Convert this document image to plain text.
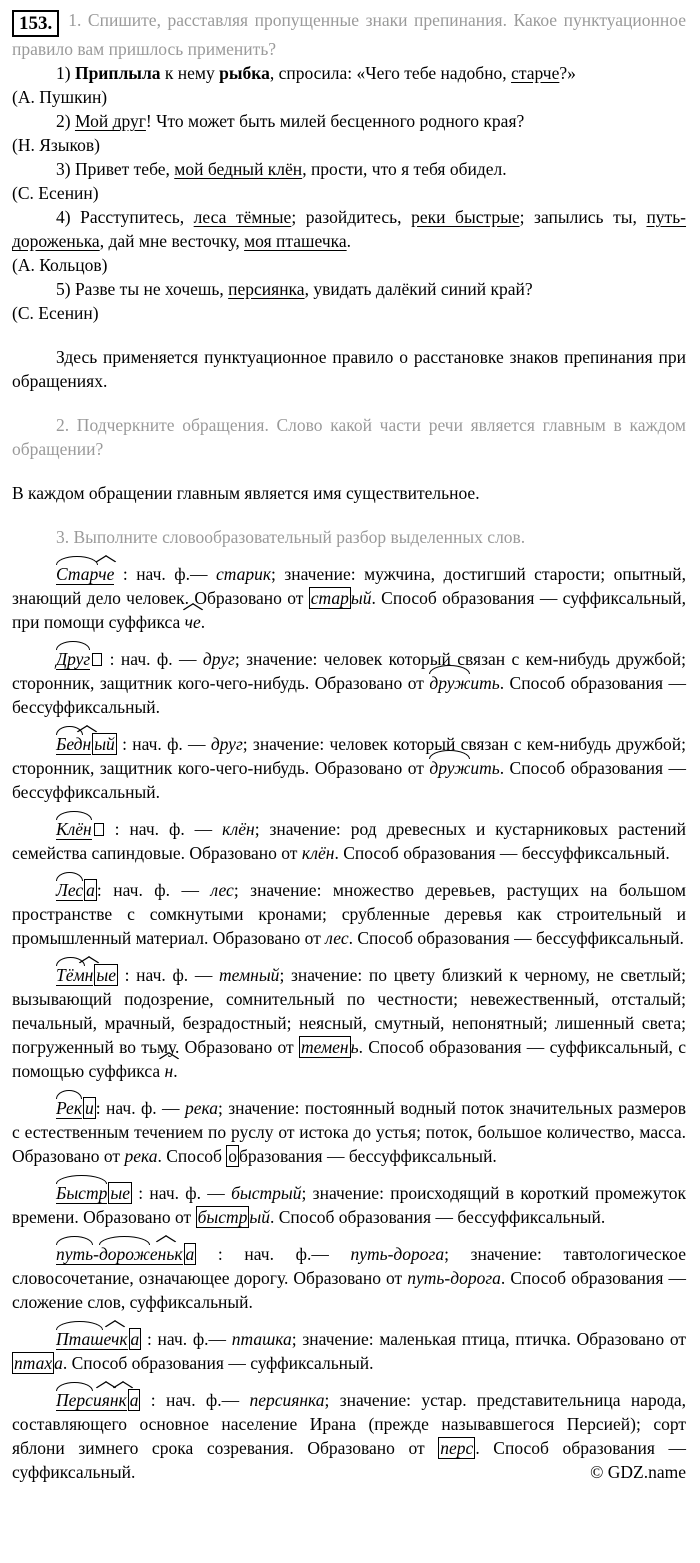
153. 1. Спишите, расставляя пропущенные знаки препинания. Какое пунктуационное правило вам пришлось применить?

1) Приплыла к нему рыбка, спросила: «Чего тебе надобно, старче?»

(А. Пушкин)

2) Мой друг! Что может быть милей бесценного родного края?

(Н. Языков)

3) Привет тебе, мой бедный клён, прости, что я тебя обидел.

(С. Есенин)

4) Расступитесь, леса тёмные; разойдитесь, реки быстрые; запылись ты, путь-дороженька, дай мне весточку, моя пташечка.

(А. Кольцов)

5) Разве ты не хочешь, персиянка, увидать далёкий синий край?

(С. Есенин)

Здесь применяется пунктуационное правило о расстановке знаков препинания при обращениях.

2. Подчеркните обращения. Слово какой части речи является главным в каждом обращении?

В каждом обращении главным является имя существительное.

3. Выполните словообразовательный разбор выделенных слов.

Старче : нач. ф.— старик; значение: мужчина, достигший старости; опытный, знающий дело человек. Образовано от стар ый. Способ образования — суффиксальный, при помощи суффикса че.

Друг : нач. ф. — друг; значение: человек который связан с кем-нибудь дружбой; сторонник, защитник кого-чего-нибудь. Образовано от дружить. Способ образования — бессуффиксальный.

Бедн ый : нач. ф. — друг; значение: человек который связан с кем-нибудь дружбой; сторонник, защитник кого-чего-нибудь. Образовано от дружить. Способ образования — бессуффиксальный.

Клён : нач. ф. — клён; значение: род древесных и кустарниковых растений семейства сапиндовые. Образовано от клён. Способ образования — бессуффиксальный.

Лес а : нач. ф. — лес; значение: множество деревьев, растущих на большом пространстве с сомкнутыми кронами; срубленные деревья как строительный и промышленный материал. Образовано от лес. Способ образования — бессуффиксальный.

Тёмн ые : нач. ф. — темный; значение: по цвету близкий к черному, не светлый; вызывающий подозрение, сомнительный по честности; невежественный, отсталый; печальный, мрачный, безрадостный; неясный, смутный, непонятный; лишенный света; погруженный во тьму. Образовано от темен ь. Способ образования — суффиксальный, с помощью суффикса н.

Рек и : нач. ф. — река; значение: постоянный водный поток значительных размеров с естественным течением по руслу от истока до устья; поток, большое количество, масса. Образовано от река. Способ о бразования — бессуффиксальный.

Быстр ые : нач. ф. — быстрый; значение: происходящий в короткий промежуток времени. Образовано от быстр ый. Способ образования — бессуффиксальный.

путь-дороженьк а : нач. ф.— путь-дорога; значение: тавтологическое словосочетание, означающее дорогу. Образовано от путь-дорога. Способ образования — сложение слов, суффиксальный.

Пташечк а : нач. ф.— пташка; значение: маленькая птица, птичка. Образовано от птах а. Способ образования — суффиксальный.

Персиянк а : нач. ф.— персиянка; значение: устар. представительница народа, составляющего основное население Ирана (прежде называвшегося Персией); сорт яблони зимнего срока созревания. Образовано от перс . Способ образования — суффиксальный.	© GDZ.name
